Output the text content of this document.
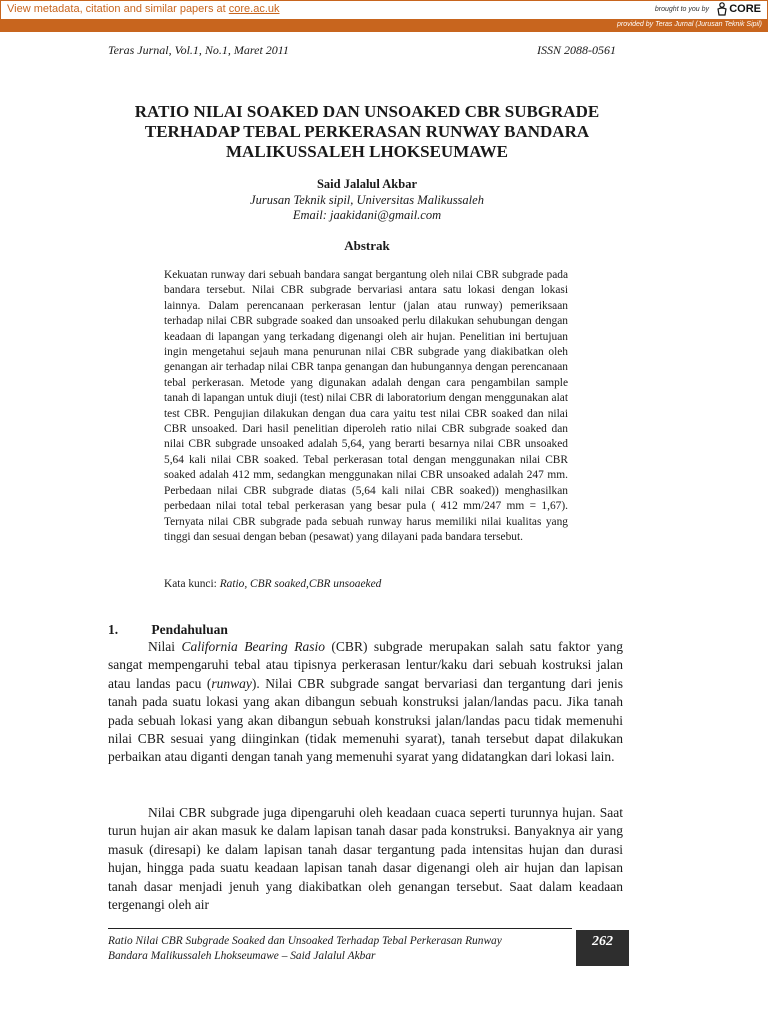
View metadata, citation and similar papers at core.ac.uk	brought to you by CORE
provided by Teras Jurnal (Jurusan Teknik Sipil)
Teras Jurnal, Vol.1, No.1, Maret 2011	ISSN 2088-0561
RATIO NILAI SOAKED DAN UNSOAKED CBR SUBGRADE
TERHADAP TEBAL PERKERASAN RUNWAY BANDARA
MALIKUSSALEH LHOKSEUMAWE
Said Jalalul Akbar
Jurusan Teknik sipil, Universitas Malikussaleh
Email: jaakidani@gmail.com
Abstrak

Kekuatan runway dari sebuah bandara sangat bergantung oleh nilai CBR subgrade pada bandara tersebut. Nilai CBR subgrade bervariasi antara satu lokasi dengan lokasi lainnya. Dalam perencanaan perkerasan lentur (jalan atau runway) pemeriksaan terhadap nilai CBR subgrade soaked dan unsoaked perlu dilakukan sehubungan dengan keadaan di lapangan yang terkadang digenangi oleh air hujan. Penelitian ini bertujuan ingin mengetahui sejauh mana penurunan nilai CBR subgrade yang diakibatkan oleh genangan air terhadap nilai CBR tanpa genangan dan hubungannya dengan perencanaan tebal perkerasan. Metode yang digunakan adalah dengan cara pengambilan sample tanah di lapangan untuk diuji (test) nilai CBR di laboratorium dengan menggunakan alat test CBR. Pengujian dilakukan dengan dua cara yaitu test nilai CBR soaked dan nilai CBR unsoaked. Dari hasil penelitian diperoleh ratio nilai CBR subgrade soaked dan nilai CBR subgrade unsoaked adalah 5,64, yang berarti besarnya nilai CBR unsoaked 5,64 kali nilai CBR soaked. Tebal perkerasan total dengan menggunakan nilai CBR soaked adalah 412 mm, sedangkan menggunakan nilai CBR unsoaked adalah 247 mm. Perbedaan nilai CBR subgrade diatas (5,64 kali nilai CBR soaked)) menghasilkan perbedaan nilai total tebal perkerasan yang besar pula ( 412 mm/247 mm = 1,67). Ternyata nilai CBR subgrade pada sebuah runway harus memiliki nilai kualitas yang tinggi dan sesuai dengan beban (pesawat) yang dilayani pada bandara tersebut.

Kata kunci: Ratio, CBR soaked,CBR unsoaeked
1. Pendahuluan

Nilai California Bearing Rasio (CBR) subgrade merupakan salah satu faktor yang sangat mempengaruhi tebal atau tipisnya perkerasan lentur/kaku dari sebuah kostruksi jalan atau landas pacu (runway). Nilai CBR subgrade sangat bervariasi dan tergantung dari jenis tanah pada suatu lokasi yang akan dibangun sebuah konstruksi jalan/landas pacu. Jika tanah pada sebuah lokasi yang akan dibangun sebuah konstruksi jalan/landas pacu tidak memenuhi nilai CBR sesuai yang diinginkan (tidak memenuhi syarat), tanah tersebut dapat dilakukan perbaikan atau diganti dengan tanah yang memenuhi syarat yang didatangkan dari lokasi lain.

Nilai CBR subgrade juga dipengaruhi oleh keadaan cuaca seperti turunnya hujan. Saat turun hujan air akan masuk ke dalam lapisan tanah dasar pada konstruksi. Banyaknya air yang masuk (diresapi) ke dalam lapisan tanah dasar tergantung pada intensitas hujan dan durasi hujan, hingga pada suatu keadaan lapisan tanah dasar digenangi oleh air hujan dan lapisan tanah dasar menjadi jenuh yang diakibatkan oleh genangan tersebut. Saat dalam keadaan tergenangi oleh air

Ratio Nilai CBR Subgrade Soaked dan Unsoaked Terhadap Tebal Perkerasan Runway
Bandara Malikussaleh Lhokseumawe – Said Jalalul Akbar
262
